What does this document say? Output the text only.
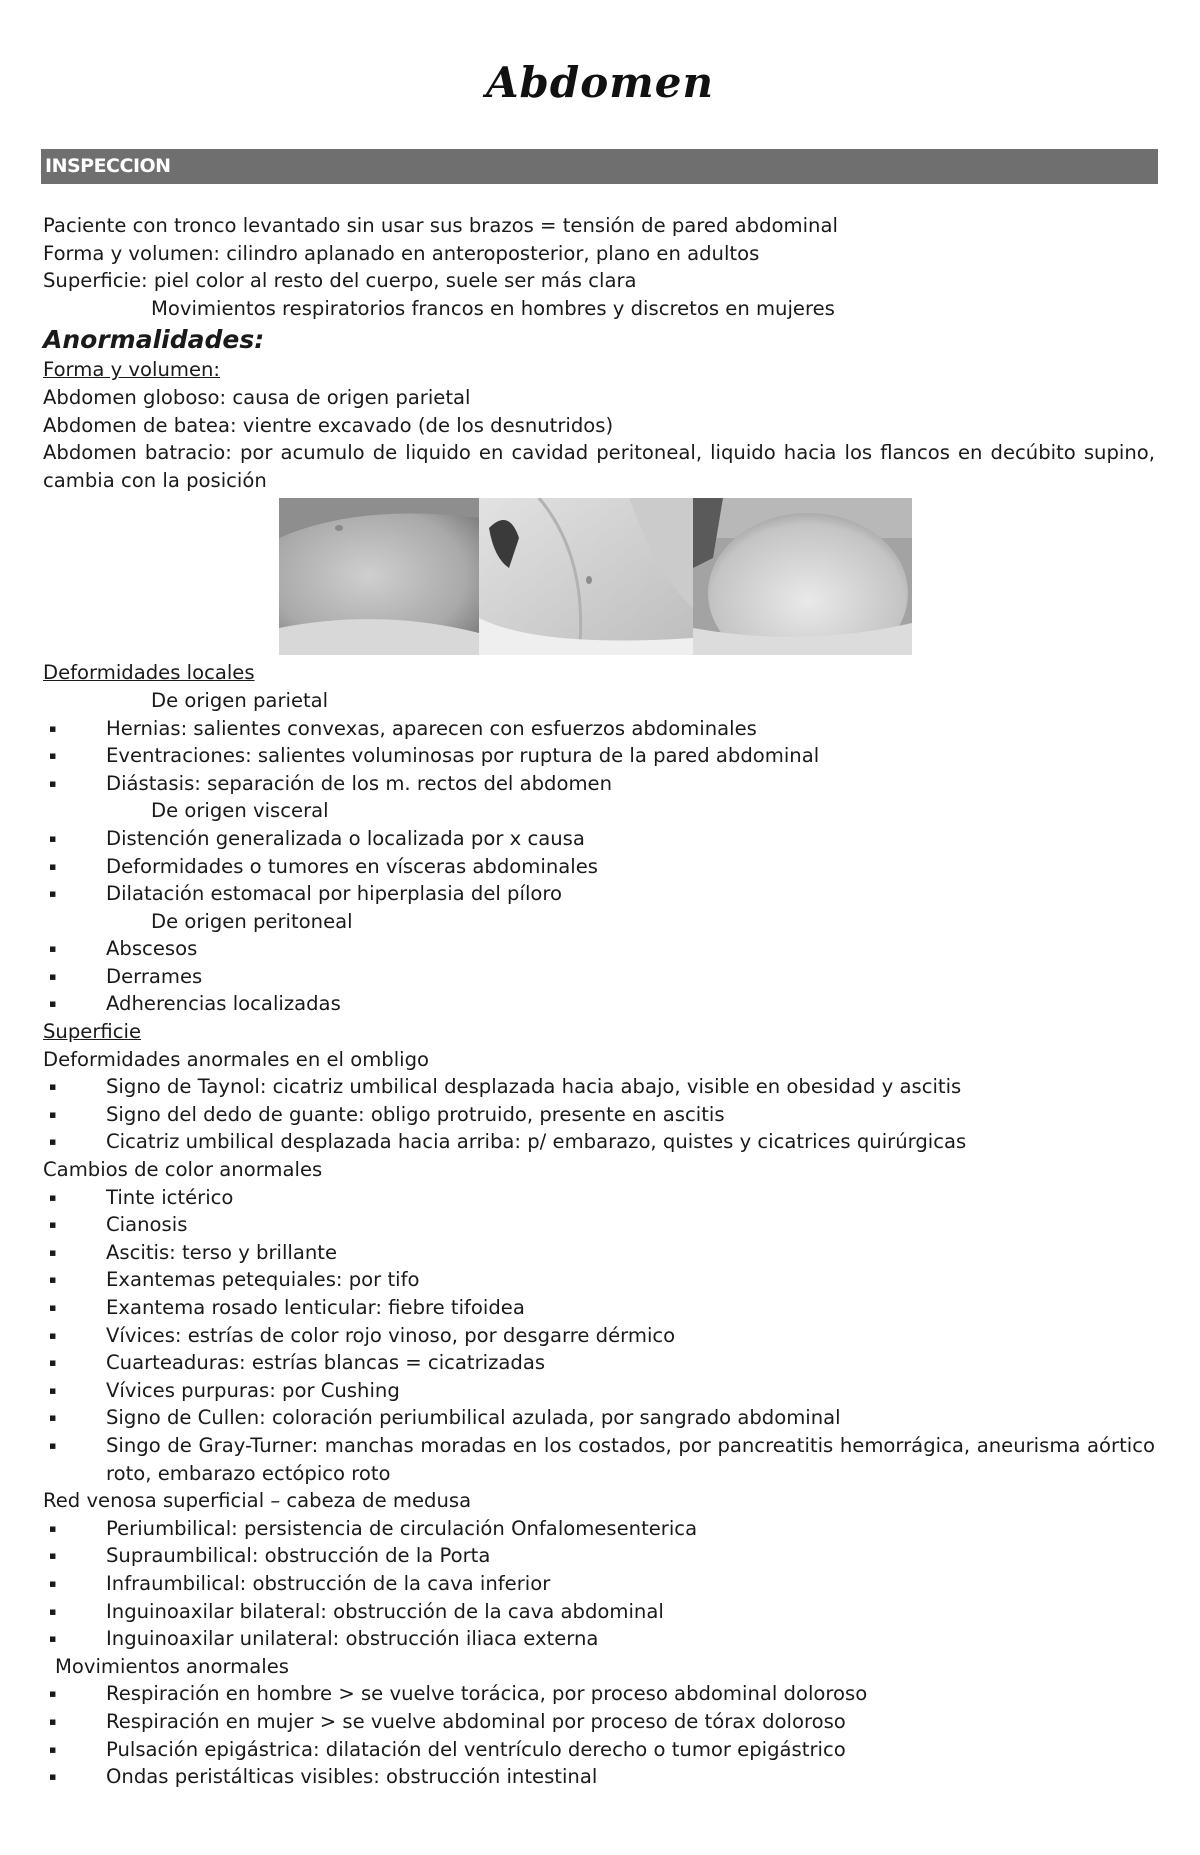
Abdomen
INSPECCION
Paciente con tronco levantado sin usar sus brazos = tensión de pared abdominal
Forma y volumen: cilindro aplanado en anteroposterior, plano en adultos
Superficie: piel color al resto del cuerpo, suele ser más clara
Movimientos respiratorios francos en hombres y discretos en mujeres
Anormalidades:
Forma y volumen:
Abdomen globoso: causa de origen parietal
Abdomen de batea: vientre excavado (de los desnutridos)
Abdomen batracio: por acumulo de liquido en cavidad peritoneal, liquido hacia los flancos en decúbito supino, cambia con la posición
Deformidades locales
De origen parietal
▪	Hernias: salientes convexas, aparecen con esfuerzos abdominales
▪	Eventraciones: salientes voluminosas por ruptura de la pared abdominal
▪	Diástasis: separación de los m. rectos del abdomen
De origen visceral
▪	Distención generalizada o localizada por x causa
▪	Deformidades o tumores en vísceras abdominales
▪	Dilatación estomacal por hiperplasia del píloro
De origen peritoneal
▪	Abscesos
▪	Derrames
▪	Adherencias localizadas
Superficie
Deformidades anormales en el ombligo
▪	Signo de Taynol: cicatriz umbilical desplazada hacia abajo, visible en obesidad y ascitis
▪	Signo del dedo de guante: obligo protruido, presente en ascitis
▪	Cicatriz umbilical desplazada hacia arriba: p/ embarazo, quistes y cicatrices quirúrgicas
Cambios de color anormales
▪	Tinte ictérico
▪	Cianosis
▪	Ascitis: terso y brillante
▪	Exantemas petequiales: por tifo
▪	Exantema rosado lenticular: fiebre tifoidea
▪	Vívices: estrías de color rojo vinoso, por desgarre dérmico
▪	Cuarteaduras: estrías blancas = cicatrizadas
▪	Vívices purpuras: por Cushing
▪	Signo de Cullen: coloración periumbilical azulada, por sangrado abdominal
▪	Singo de Gray-Turner: manchas moradas en los costados, por pancreatitis hemorrágica, aneurisma aórtico roto, embarazo ectópico roto
Red venosa superficial – cabeza de medusa
▪	Periumbilical: persistencia de circulación Onfalomesenterica
▪	Supraumbilical: obstrucción de la Porta
▪	Infraumbilical: obstrucción de la cava inferior
▪	Inguinoaxilar bilateral: obstrucción de la cava abdominal
▪	Inguinoaxilar unilateral: obstrucción iliaca externa
Movimientos anormales
▪	Respiración en hombre > se vuelve torácica, por proceso abdominal doloroso
▪	Respiración en mujer > se vuelve abdominal por proceso de tórax doloroso
▪	Pulsación epigástrica: dilatación del ventrículo derecho o tumor epigástrico
▪	Ondas peristálticas visibles: obstrucción intestinal
